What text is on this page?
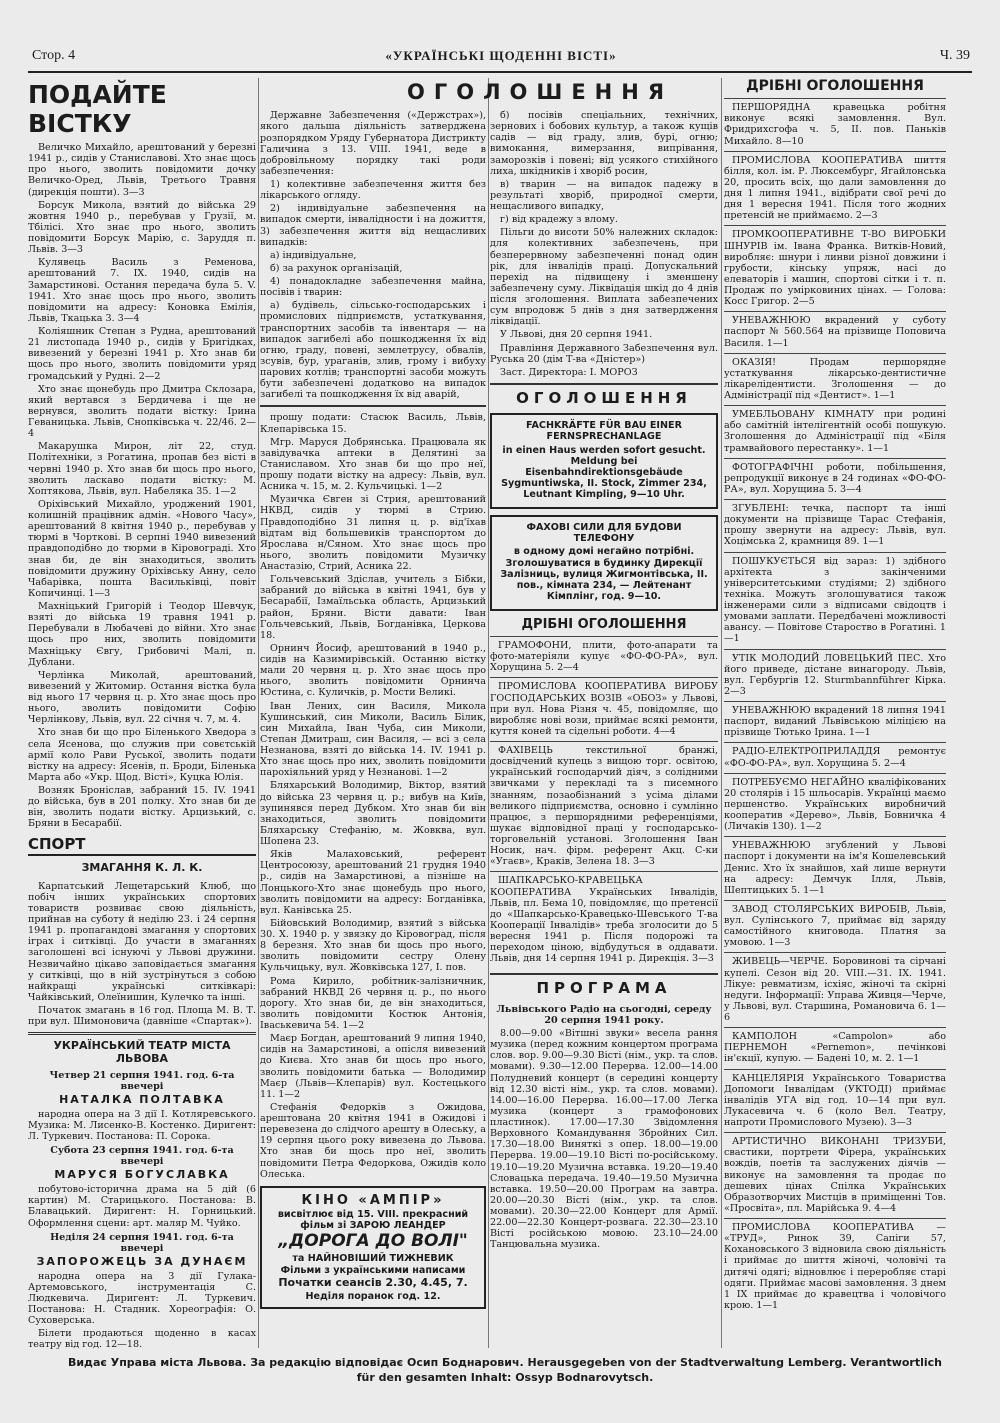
Стор. 4	«УКРАЇНСЬКІ ЩОДЕННІ ВІСТІ»	Ч. 39
ПОДАЙТЕ ВІСТКУ

Величко Михайло, арештований у березні 1941 р., сидів у Станиславові. Хто знає щось про нього, зволить повідомити дочку Величко-Оред, Львів, Третього Травня (дирекція пошти). 3—3

Борсук Микола, взятий до війська 29 жовтня 1940 р., перебував у Грузії, м. Тбілісі. Хто знає про нього, зволить повідомити Борсук Марію, с. Заруддя п. Львів. 3—3

Кулявець Василь з Ременова, арештований 7. IX. 1940, сидів на Замарстинові. Остання передача була 5. V. 1941. Хто знає щось про нього, зволить повідомити на адресу: Коновка Емілія, Львів, Ткацька 3. 3—4

Коліяшник Степан з Рудна, арештований 21 листопада 1940 р., сидів у Бригідках, вивезений у березні 1941 р. Хто знав би щось про нього, зволить повідомити уряд громадський у Рудні. 2—2

Хто знає щонебудь про Дмитра Склозара, який вертався з Бердичева і ще не вернувся, зволить подати вістку: Ірина Геваницька. Львів, Снопківська ч. 22/46. 2—4

Макарушка Мирон, літ 22, студ. Політехніки, з Рогатина, пропав без вісті в червні 1940 р. Хто знав би щось про нього, зволить ласкаво подати вістку: М. Хоптякова, Львів, вул. Набеляка 35. 1—2

Оріхівський Михайло, уроджений 1901, колишній працівник адмін. «Нового Часу», арештований 8 квітня 1940 р., перебував у тюрмі в Чорткові. В серпні 1940 вивезений правдоподібно до тюрми в Кіровограді. Хто знав би, де він знаходиться, зволить повідомити дружину Оріхівську Анну, село Чабарівка, пошта Васильківці, повіт Копичинці. 1—3

Махніцький Григорій і Теодор Шевчук, взяті до війська 19 травня 1941 р. Перебували в Любачеві до війни. Хто знає щось про них, зволить повідомити Махніцьку Євгу, Грибовичі Малі, п. Дублани.

Черлінка Миколай, арештований, вивезений у Житомир. Остання вістка була від нього 17 червня ц. р. Хто знає щось про нього, зволить повідомити Софію Черлінкову, Львів, вул. 22 січня ч. 7, м. 4.

Хто знав би що про Біленького Хведора з села Ясенова, що служив при совєтській армії коло Рави Руської, зволить подати вістку на адресу: Ясенів, п. Броди, Біленька Марта або «Укр. Щод. Вісті», Куцка Юлія.

Возняк Броніслав, забраний 15. IV. 1941 до війська, був в 201 полку. Хто знав би де він, зволить подати вістку. Арцизький, с. Бряни в Бесарабії.

СПОРТ
ЗМАГАННЯ К. Л. К.

Карпатський Лещетарський Клюб, що побіч інших українських спортових товариств розвиває свою діяльність, прийнав на суботу й неділю 23. і 24 серпня 1941 р. пропагандові змагання у спортових іграх і ситківці. До участи в змаганнях заголошені всі існуючі у Львові дружини. Незвичайно цікаво заповідається змагання у ситківці, що в ній зустрінуться з собою найкращі українські ситківкарі: Чайківський, Олеїнишин, Кулечко та інші.

Початок змагань в 16 год. Площа М. В. Т. при вул. Шимоновича (давніше «Спартак»).

УКРАЇНСЬКИЙ ТЕАТР МІСТА ЛЬВОВА

Четвер 21 серпня 1941. год. 6-та ввечері

НАТАЛКА ПОЛТАВКА

народна опера на 3 дії І. Котляревського. Музика: М. Лисенко-В. Костенко. Диригент: Л. Туркевич. Постанова: П. Сорока.

Субота 23 серпня 1941. год. 6-та ввечері

МАРУСЯ БОГУСЛАВКА

побутово-історична драма на 5 дій (6 картин) М. Старицького. Постанова: В. Блавацький. Диригент: Н. Горницький. Оформлення сцени: арт. маляр М. Чуйко.

Неділя 24 серпня 1941. год. 6-та ввечері

ЗАПОРОЖЕЦЬ ЗА ДУНАЄМ

народна опера на 3 дії Гулака-Артемовського, інструментація С. Людкевича. Диригент: Л. Туркевич. Постанова: Н. Стадник. Хореографія: О. Суховерська.

Білети продаються щоденно в касах театру від год. 12—18.

ОГОЛОШЕННЯ

Державне Забезпечення («Держстрах»), якого дальша діяльність затверджена розпорядком Уряду Губернатора Дистрикту Галичина з 13. VIII. 1941, веде в добровільному порядку такі роди забезпечення:

1) колективне забезпечення життя без лікарського огляду.

2) індивідуальне забезпечення на випадок смерти, інвалідности і на дожиття, 3) забезпечення життя від нещасливих випадків:

а) індивідуальне,

б) за рахунок організацій,

4) понадокладне забезпечення майна, посівів і тварин:

а) будівель, сільсько-господарських і промислових підприємств, устаткування, транспортних засобів та інвентаря — на випадок загибелі або пошкодження їх від огню, граду, повені, землетрусу, обвалів, зсувів, бур, ураганів, злив, грому і вибуху парових котлів; транспортні засоби можуть бути забезпечені додатково на випадок загибелі та пошкодження їх від аварій,

прошу подати: Стасюк Василь, Львів, Клепарівська 15.

Мгр. Маруся Добрянська. Працювала як завідувачка аптеки в Делятині за Станиславом. Хто знав би що про неї, прошу подати вістку на адресу: Львів, вул. Асника ч. 15, м. 2. Кульчицькі. 1—2

Музичка Євген зі Стрия, арештований НКВД, сидів у тюрмі в Стрию. Правдоподібно 31 липня ц. р. від'їхав відтам від большевиків транспортом до Ярослава н/Сяном. Хто знає щось про нього, зволить повідомити Музичку Анастазію, Стрий, Асника 22.

Гольчевський Здіслав, учитель з Бібки, забраний до війська в квітні 1941, був у Бесарабії, Ізмаїльська область, Арцизький район, Бряни. Вісти давати: Іван Гольчевський, Львів, Богданівка, Церкова 18.

Орнинч Йосиф, арештований в 1940 р., сидів на Казимирівській. Останню вістку мали 20 червня ц. р. Хто знає щось про нього, зволить повідомити Орнинча Юстина, с. Куличків, р. Мости Великі.

Іван Лених, син Василя, Микола Кушинський, син Миколи, Василь Білик, син Михайла, Іван Чуба, син Миколи, Степан Дмитраш, син Василя, — всі з села Незнанова, взяті до війська 14. IV. 1941 р. Хто знає щось про них, зволить повідомити парохіяльний уряд у Незнанові. 1—2

Бляхарський Володимир, Віктор, взятий до війська 23 червня ц. р.; вибув на Київ, зупинявся перед Дубком. Хто знав би він знаходиться, зволить повідомити Бляхарську Стефанію, м. Жовква, вул. Шопена 23.

Яків Малаховський, референт Центросоюзу, арештований 21 грудня 1940 р., сидів на Замарстинові, а пізніше на Лонцького-Хто знає щонебудь про нього, зволить повідомити на адресу: Богданівка, вул. Канівська 25.

Бійовський Володимир, взятий з війська 30. Х. 1940 р. у звязку до Кіровоград, після 8 березня. Хто знав би щось про нього, зволить повідомити сестру Олену Кульчицьку, вул. Жовківська 127, І. пов.

Рома Кирило, робітник-залізничник, забраний НКВД 26 червня ц. р., по нього дорогу. Хто знав би, де він знаходиться, зволить повідомити Костюк Антонія, Іваськевича 54. 1—2

Маєр Богдан, арештований 9 липня 1940, сидів на Замарстинові, а опісля вивезений до Києва. Хто знав би щось про нього, зволить повідомити батька — Володимир Маєр (Львів—Клепарів) вул. Костецького 11. 1—2

Стефанія Федорків з Ожидова, арештована 20 квітня 1941 в Ожидові і перевезена до слідчого арешту в Олеську, а 19 серпня цього року вивезена до Львова. Хто знав би щось про неї, зволить повідомити Петра Федоркова, Ожидів коло Олеська.

КІНО «АМПІР»

висвітлює від 15. VIII. прекрасний фільм зі ЗАРОЮ ЛЕАНДЕР

„ДОРОГА ДО ВОЛІ"

та НАЙНОВІШИЙ ТИЖНЕВИК

Фільми з українськими написами

Початки сеансів 2.30, 4.45, 7.

Неділя поранок год. 12.

б) посівів спеціальних, технічних, зернових і бобових культур, а також кущів садів — від граду, злив, бурі, огню; вимокання, вимерзання, випрівання, заморозків і повені; від усякого стихійного лиха, шкідників і хворіб росин,

в) тварин — на випадок падежу в результаті хворіб, природної смерти, нещасливого випадку,

г) від крадежу з влому.

Пільги до висоти 50% належних складок: для колективних забезпечень, при безперервному забезпеченні понад один рік, для інвалідів праці. Допускальний перехід на підвищену і зменшену забезпечену суму. Ліквідація шкід до 4 днів після зголошення. Виплата забезпечених сум впродовж 5 днів з дня затвердження ліквідації.

У Львові, дня 20 серпня 1941.

Правління Державного Забезпечення вул. Руська 20 (дім Т-ва «Дністер»)

Заст. Директора: І. МОРОЗ

ОГОЛОШЕННЯ

FACHKRÄFTE FÜR BAU EINER FERNSPRECHANLAGE

in einen Haus werden sofort gesucht. Meldung bei Eisenbahndirektionsgebäude Sygmuntiwska, II. Stock, Zimmer 234, Leutnant Kimpling, 9—10 Uhr.

ФАХОВІ СИЛИ ДЛЯ БУДОВИ ТЕЛЕФОНУ

в одному домі негайно потрібні. Зголошуватися в будинку Дирекції Залізниць, вулиця Жигмонтівська, II. пов., кімната 234, — Лейтенант Кімплінг, год. 9—10.

ДРІБНІ ОГОЛОШЕННЯ

ГРАМОФОНИ, плити, фото-апарати та фото-матеріяли купує «ФО-ФО-РА», вул. Хорущина 5. 2—4

ПРОМИСЛОВА КООПЕРАТИВА ВИРОБУ ГОСПОДАРСЬКИХ ВОЗІВ «ОБОЗ» у Львові, при вул. Нова Різня ч. 45, повідомляє, що виробляє нові вози, приймає всякі ремонти, куття коней та сідельні роботи. 4—4

ФАХІВЕЦЬ текстильної бранжі, досвідчений купець з вищою торг. освітою, український господарчий діяч, з солідними звичками у перекладі та з писемного знанням, позаобізнаний з усіма ділами великого підприємства, основно і сумлінно працює, з першорядними референціями, шукає відповідної праці у господарсько-торговельній установі. Зголошення Іван Носик, нач. фірм. референт Акц. С-ки «Угаєв», Краків, Зелена 18. 3—3

ШАПКАРСЬКО-КРАВЕЦЬКА КООПЕРАТИВА Українських Інвалідів, Львів, пл. Бема 10, повідомляє, що претенсії до «Шапкарсько-Кравецько-Шевського Т-ва Кооперації Інвалідів» треба зголосити до 5 вересня 1941 р. Після подорожі та переходом ціною, відбудуться в оддавати. Львів, дня 14 серпня 1941 р. Дирекція. 3—3

ПРОГРАМА

Львівського Радіо на сьогодні, середу 20 серпня 1941 року.

8.00—9.00 «Вітшні звуки» весела рання музика (перед кожним концертом програма слов. вор. 9.00—9.30 Вісті (нім., укр. та слов. мовами). 9.30—12.00 Перерва. 12.00—14.00 Полудневий концерт (в середині концерту від 12.30 вісті нім., укр. та слов. мовами). 14.00—16.00 Перерва. 16.00—17.00 Легка музика (концерт з грамофонових пластинок). 17.00—17.30 Звідомлення Верховного Командування Збройних Сил. 17.30—18.00 Виняткі з опер. 18.00—19.00 Перерва. 19.00—19.10 Вісті по-російському. 19.10—19.20 Музична вставка. 19.20—19.40 Словацька передача. 19.40—19.50 Музична вставка. 19.50—20.00 Програм на завтра. 20.00—20.30 Вісті (нім., укр. та слов. мовами). 20.30—22.00 Концерт для Армії. 22.00—22.30 Концерт-розвага. 22.30—23.10 Вісті російською мовою. 23.10—24.00 Танцювальна музика.

ДРІБНІ ОГОЛОШЕННЯ

ПЕРШОРЯДНА кравецька робітня виконує всякі замовлення. Вул. Фридрихсгофа ч. 5, II. пов. Паньків Михайло. 8—10

ПРОМИСЛОВА КООПЕРАТИВА шиття білля, кол. ім. Р. Люксембург, Ягайлонська 20, просить всіх, що дали замовлення до дня 1 липня 1941., відібрати свої речі до дня 1 вересня 1941. Після того жодних претенсій не приймаємо. 2—3

ПРОМКООПЕРАТИВНЕ Т-ВО ВИРОБКИ ШНУРІВ ім. Івана Франка. Витків-Новий, виробляє: шнури і линви різної довжини і грубости, кінську упряж, насі до елеваторів і машин, спортові сітки і т. п. Продаж по умірковиних цінах. — Голова: Косс Григор. 2—5

УНЕВАЖНЮЮ вкрадений у суботу паспорт № 560.564 на прізвище Поповича Василя. 1—1

ОКАЗІЯ! Продам першорядне устаткування лікарсько-дентистичне лікарелідентисти. Зголошення — до Адміністрації під «Дентист». 1—1

УМЕБЛЬОВАНУ КІМНАТУ при родині або самітній інтелігентній особі пошукую. Зголошення до Адміністрації під «Біля трамвайового перестанку». 1—1

ФОТОГРАФІЧНІ роботи, побільшення, репродукції виконує в 24 годинах «ФО-ФО-РА», вул. Хорущина 5. 3—4

ЗГУБЛЕНІ: течка, паспорт та інші документи на прізвище Тарас Стефанія, прошу звернути на адресу: Львів, вул. Хоцімська 2, крамниця 89. 1—1

ПОШУКУЄТЬСЯ від зараз: 1) здібного архітекта з закінченими університетськими студіями; 2) здібного техніка. Можуть зголошуватися також інженерами сили з відписами свідоцтв і умовами заплати. Передбачені можливості авансу. — Повітове Староство в Рогатині. 1—1

УТІК МОЛОДИЙ ЛОВЕЦЬКИЙ ПЕС. Хто його приведе, дістане винагороду. Львів, вул. Гербургів 12. Sturmbannführer Кірка. 2—3

УНЕВАЖНЮЮ вкрадений 18 липня 1941 паспорт, виданий Львівською міліцією на прізвище Тютько Ірина. 1—1

РАДІО-ЕЛЕКТРОПРИЛАДДЯ ремонтує «ФО-ФО-РА», вул. Хорущина 5. 2—4

ПОТРЕБУЄМО НЕГАЙНО кваліфікованих 20 столярів і 15 шльосарів. Українці маємо першенство. Українських виробничий кооператив «Дерево», Львів, Бовничка 4 (Личаків 130). 1—2

УНЕВАЖНЮЮ згублений у Львові паспорт і документи на ім'я Кошелевський Денис. Хто їх знайшов, хай лише вернути на адресу: Демчук Ілля, Львів, Шептицьких 5. 1—1

ЗАВОД СТОЛЯРСЬКИХ ВИРОБІВ, Львів, вул. Сулінського 7, приймає від заряду самостійного книговода. Платня за умовою. 1—3

ЖИВЕЦЬ—ЧЕРЧЕ. Боровинові та сірчані купелі. Сезон від 20. VIII.—31. IX. 1941. Лікуе: ревматизм, ісхіяс, жіночі та скірні недуги. Інформації: Управа Живця—Черче, у Львові, вул. Старшина, Романовича 6. 1—6

КАМПОЛОН «Campolon» або ПЕРНЕМОН «Pernemon», печінкові ін'єкції, купую. — Бадені 10, м. 2. 1—1

КАНЦЕЛЯРІЯ Українського Товариства Допомоги Інвалідам (УКТОДІ) приймає інвалідів УГА від год. 10—14 при вул. Лукасевича ч. 6 (коло Вел. Театру, напроти Промислового Музею). 3—3

АРТИСТИЧНО ВИКОНАНІ ТРИЗУБИ, свастики, портрети Фірера, українських вождів, поетів та заслужених діячів — виконує на замовлення та продає по дешевих цінах Спілка Українських Образотворчих Мистців в приміщенні Тов. «Просвіта», пл. Марійська 9. 4—4

ПРОМИСЛОВА КООПЕРАТИВА — «ТРУД», Ринок 39, Сапіги 57, Кохановського 3 відновила свою діяльність і приймає до шиття жіночі, чоловічі та дитячі одягі; відновлює і переробляє старі одяги. Приймає масові замовлення. З днем 1 IX приймає до кравецтва і чоловічого крою. 1—1

Видає Управа міста Львова. За редакцію відповідає Осип Боднарович. Herausgegeben von der Stadtverwaltung Lemberg. Verantwortlich
für den gesamten Inhalt: Ossyp Bodnarovytsch.
